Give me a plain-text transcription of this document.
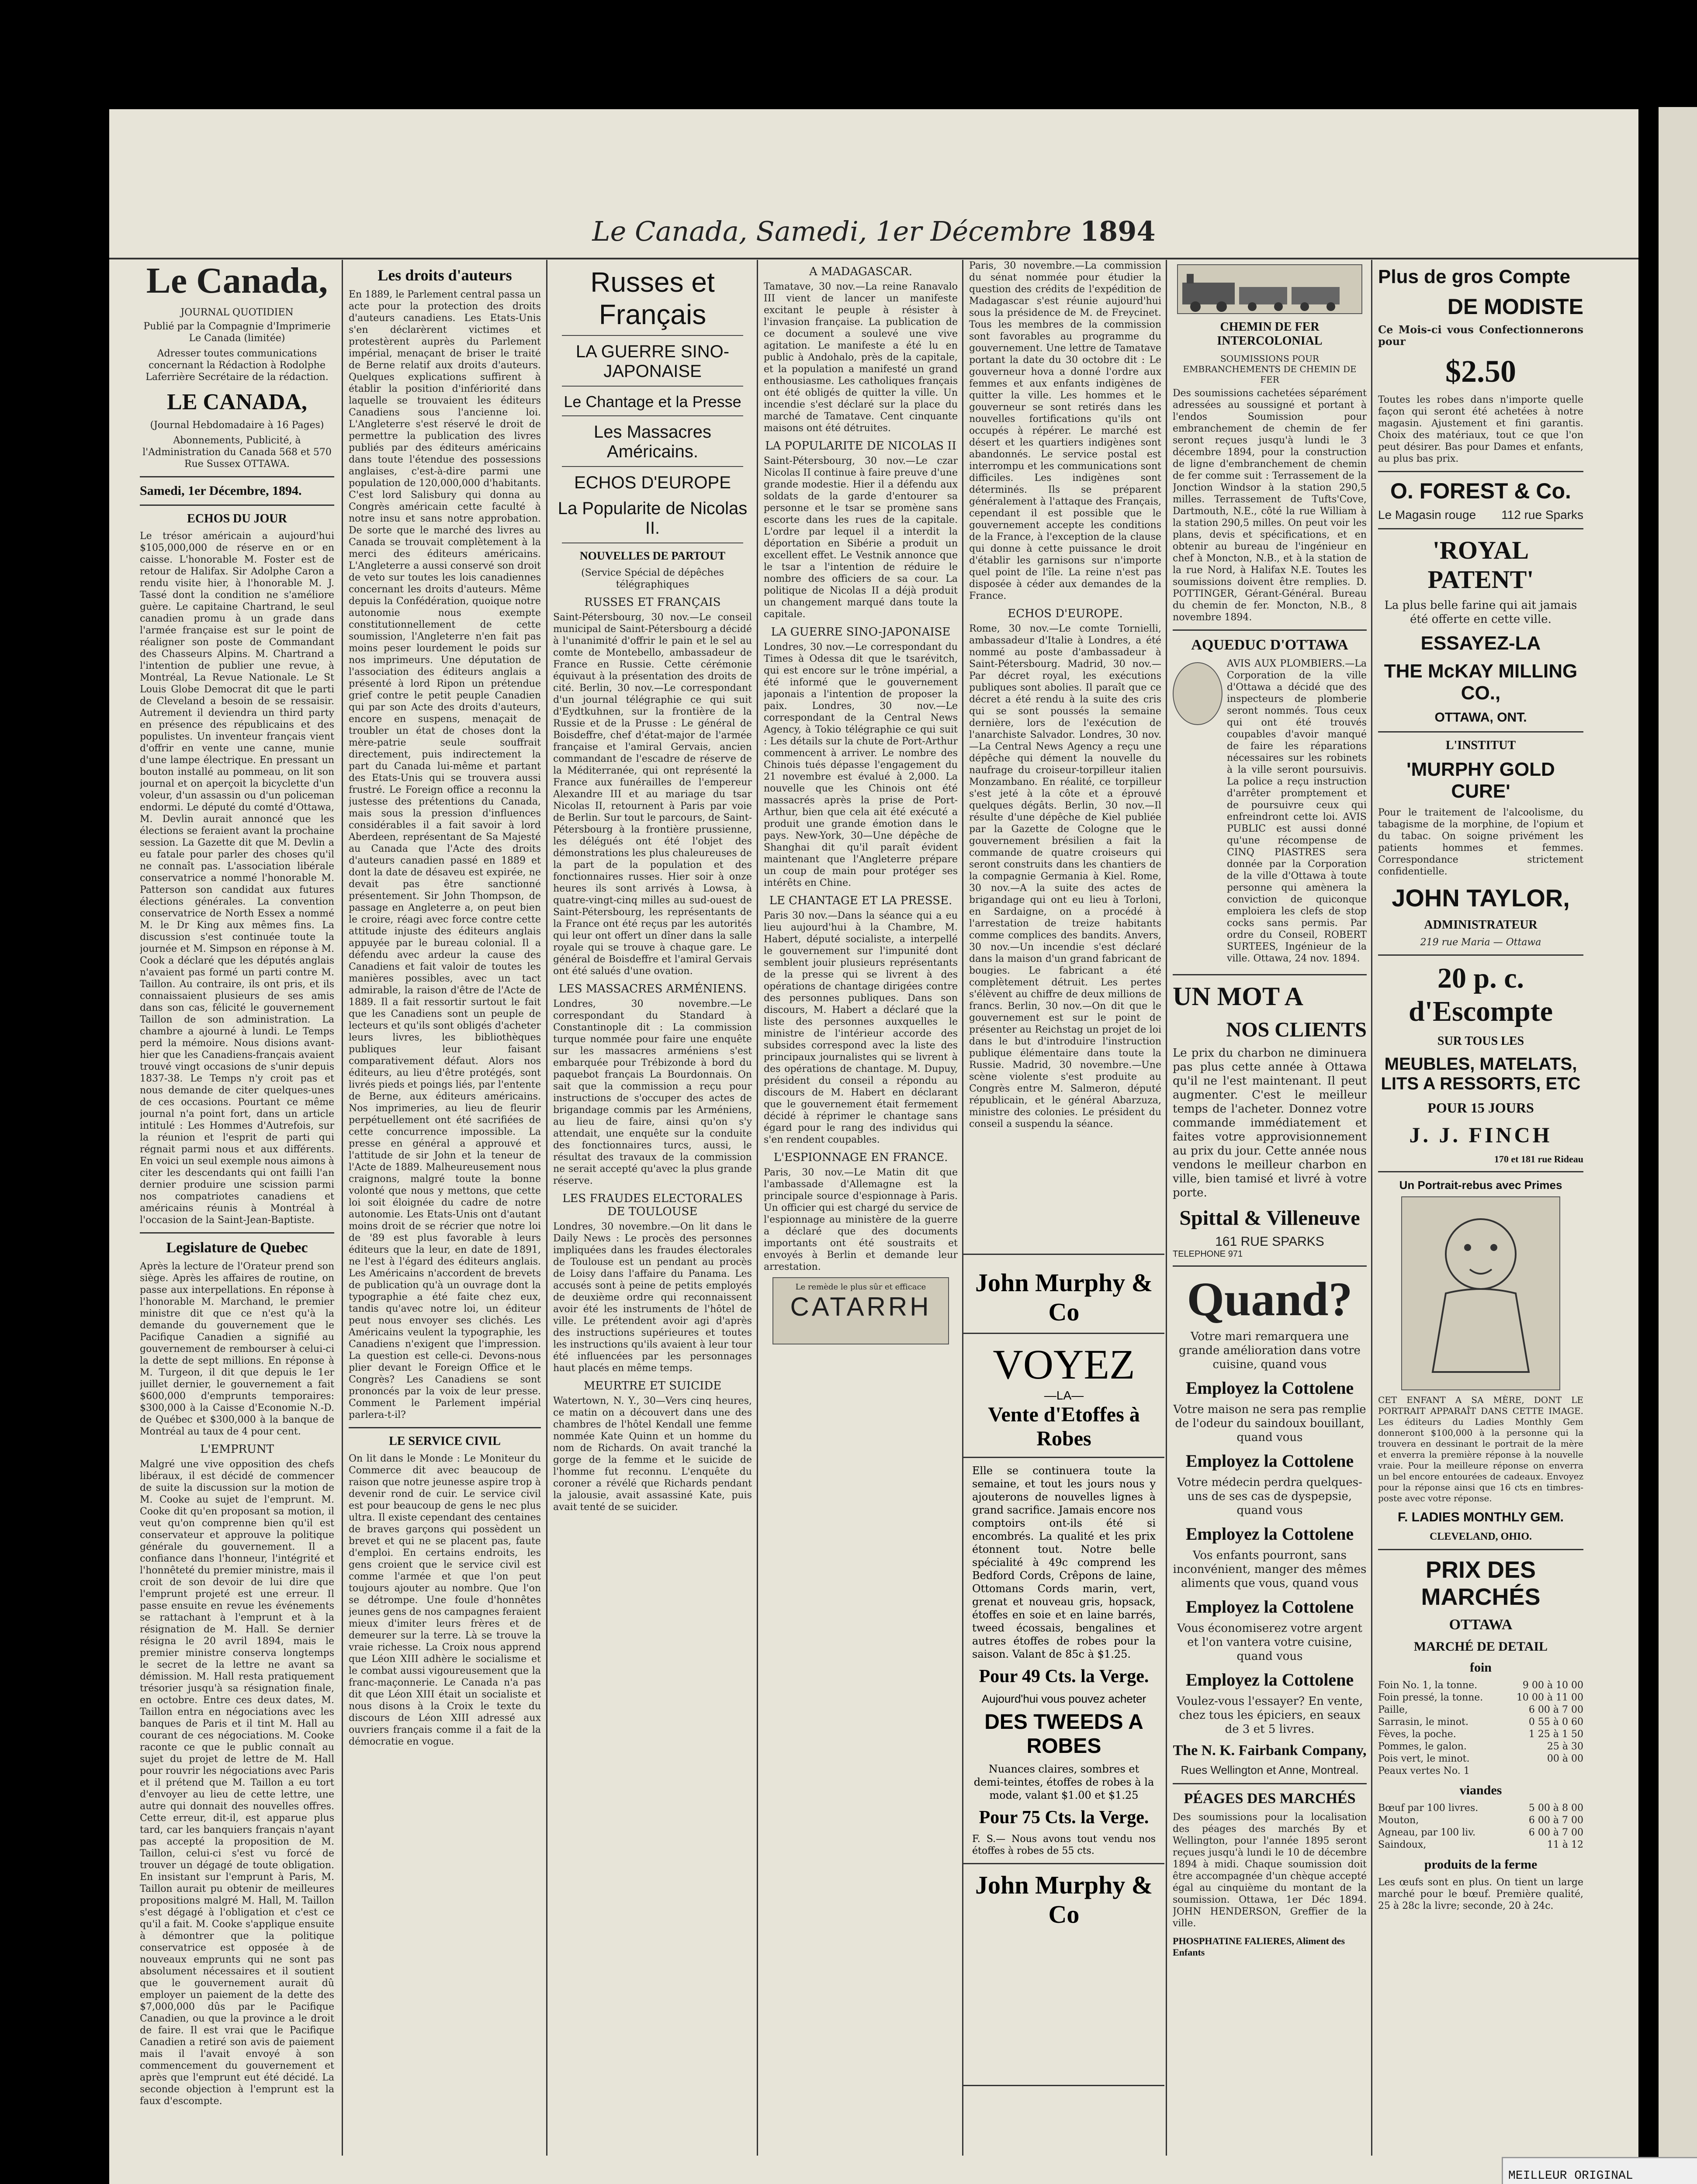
Le Canada, Samedi, 1er Décembre 1894
Le Canada,
JOURNAL QUOTIDIEN

Publié par la Compagnie d'Imprimerie Le Canada (limitée)

Adresser toutes communications concernant la Rédaction à Rodolphe Laferrière Secrétaire de la rédaction.

LE CANADA,

(Journal Hebdomadaire à 16 Pages)

Abonnements, Publicité, à l'Administration du Canada 568 et 570 Rue Sussex OTTAWA.

Samedi, 1er Décembre, 1894.
ECHOS DU JOUR

Le trésor américain a aujourd'hui $105,000,000 de réserve en or en caisse. L'honorable M. Foster est de retour de Halifax. Sir Adolphe Caron a rendu visite hier, à l'honorable M. J. Tassé dont la condition ne s'améliore guère. Le capitaine Chartrand, le seul canadien promu à un grade dans l'armée française est sur le point de réaligner son poste de Commandant des Chasseurs Alpins. M. Chartrand a l'intention de publier une revue, à Montréal, La Revue Nationale. Le St Louis Globe Democrat dit que le parti de Cleveland a besoin de se ressaisir. Autrement il deviendra un third party en présence des républicains et des populistes. Un inventeur français vient d'offrir en vente une canne, munie d'une lampe électrique. En pressant un bouton installé au pommeau, on lit son journal et on aperçoit la bicyclette d'un voleur, d'un assassin ou d'un policeman endormi. Le député du comté d'Ottawa, M. Devlin aurait annoncé que les élections se feraient avant la prochaine session. La Gazette dit que M. Devlin a eu fatale pour parler des choses qu'il ne connaît pas. L'association libérale conservatrice a nommé l'honorable M. Patterson son candidat aux futures élections générales. La convention conservatrice de North Essex a nommé M. le Dr King aux mêmes fins. La discussion s'est continuée toute la journée et M. Simpson en réponse à M. Cook a déclaré que les députés anglais n'avaient pas formé un parti contre M. Taillon. Au contraire, ils ont pris, et ils connaissaient plusieurs de ses amis dans son cas, félicité le gouvernement Taillon de son administration. La chambre a ajourné à lundi. Le Temps perd la mémoire. Nous disions avant-hier que les Canadiens-français avaient trouvé vingt occasions de s'unir depuis 1837-38. Le Temps n'y croit pas et nous demande de citer quelques-unes de ces occasions. Pourtant ce même journal n'a point fort, dans un article intitulé : Les Hommes d'Autrefois, sur la réunion et l'esprit de parti qui régnait parmi nous et aux différents. En voici un seul exemple nous aimons à citer les descendants qui ont failli l'an dernier produire une scission parmi nos compatriotes canadiens et américains réunis à Montréal à l'occasion de la Saint-Jean-Baptiste.

Legislature de Quebec

Après la lecture de l'Orateur prend son siège. Après les affaires de routine, on passe aux interpellations. En réponse à l'honorable M. Marchand, le premier ministre dit que ce n'est qu'à la demande du gouvernement que le Pacifique Canadien a signifié au gouvernement de rembourser à celui-ci la dette de sept millions. En réponse à M. Turgeon, il dit que depuis le 1er juillet dernier, le gouvernement a fait $600,000 d'emprunts temporaires: $300,000 à la Caisse d'Economie N.-D. de Québec et $300,000 à la banque de Montréal au taux de 4 pour cent.

L'EMPRUNT

Malgré une vive opposition des chefs libéraux, il est décidé de commencer de suite la discussion sur la motion de M. Cooke au sujet de l'emprunt. M. Cooke dit qu'en proposant sa motion, il veut qu'on comprenne bien qu'il est conservateur et approuve la politique générale du gouvernement. Il a confiance dans l'honneur, l'intégrité et l'honnêteté du premier ministre, mais il croit de son devoir de lui dire que l'emprunt projeté est une erreur. Il passe ensuite en revue les événements se rattachant à l'emprunt et à la résignation de M. Hall. Se dernier résigna le 20 avril 1894, mais le premier ministre conserva longtemps le secret de la lettre ne avant sa démission. M. Hall resta pratiquement trésorier jusqu'à sa résignation finale, en octobre. Entre ces deux dates, M. Taillon entra en négociations avec les banques de Paris et il tint M. Hall au courant de ces négociations. M. Cooke raconte ce que le public connaît au sujet du projet de lettre de M. Hall pour rouvrir les négociations avec Paris et il prétend que M. Taillon a eu tort d'envoyer au lieu de cette lettre, une autre qui donnait des nouvelles offres. Cette erreur, dit-il, est apparue plus tard, car les banquiers français n'ayant pas accepté la proposition de M. Taillon, celui-ci s'est vu forcé de trouver un dégagé de toute obligation. En insistant sur l'emprunt à Paris, M. Taillon aurait pu obtenir de meilleures propositions malgré M. Hall, M. Taillon s'est dégagé à l'obligation et c'est ce qu'il a fait. M. Cooke s'applique ensuite à démontrer que la politique conservatrice est opposée à de nouveaux emprunts qui ne sont pas absolument nécessaires et il soutient que le gouvernement aurait dû employer un paiement de la dette des $7,000,000 dûs par le Pacifique Canadien, ou que la province a le droit de faire. Il est vrai que le Pacifique Canadien a retiré son avis de paiement mais il l'avait envoyé à son commencement du gouvernement et après que l'emprunt eut été décidé. La seconde objection à l'emprunt est la faux d'escompte.

Les droits d'auteurs

En 1889, le Parlement central passa un acte pour la protection des droits d'auteurs canadiens. Les Etats-Unis s'en déclarèrent victimes et protestèrent auprès du Parlement impérial, menaçant de briser le traité de Berne relatif aux droits d'auteurs. Quelques explications suffirent à établir la position d'infériorité dans laquelle se trouvaient les éditeurs Canadiens sous l'ancienne loi. L'Angleterre s'est réservé le droit de permettre la publication des livres publiés par des éditeurs américains dans toute l'étendue des possessions anglaises, c'est-à-dire parmi une population de 120,000,000 d'habitants. C'est lord Salisbury qui donna au Congrès américain cette faculté à notre insu et sans notre approbation. De sorte que le marché des livres au Canada se trouvait complètement à la merci des éditeurs américains. L'Angleterre a aussi conservé son droit de veto sur toutes les lois canadiennes concernant les droits d'auteurs. Même depuis la Confédération, quoique notre autonomie nous exempte constitutionnellement de cette soumission, l'Angleterre n'en fait pas moins peser lourdement le poids sur nos imprimeurs. Une députation de l'association des éditeurs anglais a présenté à lord Ripon un prétendue grief contre le petit peuple Canadien qui par son Acte des droits d'auteurs, encore en suspens, menaçait de troubler un état de choses dont la mère-patrie seule souffrait directement, puis indirectement la part du Canada lui-même et partant des Etats-Unis qui se trouvera aussi frustré. Le Foreign office a reconnu la justesse des prétentions du Canada, mais sous la pression d'influences considérables il a fait savoir à lord Aberdeen, représentant de Sa Majesté au Canada que l'Acte des droits d'auteurs canadien passé en 1889 et dont la date de désaveu est expirée, ne devait pas être sanctionné présentement. Sir John Thompson, de passage en Angleterre a, on peut bien le croire, réagi avec force contre cette attitude injuste des éditeurs anglais appuyée par le bureau colonial. Il a défendu avec ardeur la cause des Canadiens et fait valoir de toutes les manières possibles, avec un tact admirable, la raison d'être de l'Acte de 1889. Il a fait ressortir surtout le fait que les Canadiens sont un peuple de lecteurs et qu'ils sont obligés d'acheter leurs livres, les bibliothèques publiques leur faisant comparativement défaut. Alors nos éditeurs, au lieu d'être protégés, sont livrés pieds et poings liés, par l'entente de Berne, aux éditeurs américains. Nos imprimeries, au lieu de fleurir perpétuellement ont été sacrifiées de cette concurrence impossible. La presse en général a approuvé et l'attitude de sir John et la teneur de l'Acte de 1889. Malheureusement nous craignons, malgré toute la bonne volonté que nous y mettons, que cette loi soit éloignée du cadre de notre autonomie. Les Etats-Unis ont d'autant moins droit de se récrier que notre loi de '89 est plus favorable à leurs éditeurs que la leur, en date de 1891, ne l'est à l'égard des éditeurs anglais. Les Américains n'accordent de brevets de publication qu'à un ouvrage dont la typographie a été faite chez eux, tandis qu'avec notre loi, un éditeur peut nous envoyer ses clichés. Les Américains veulent la typographie, les Canadiens n'exigent que l'impression. La question est celle-ci. Devons-nous plier devant le Foreign Office et le Congrès? Les Canadiens se sont prononcés par la voix de leur presse. Comment le Parlement impérial parlera-t-il?

LE SERVICE CIVIL

On lit dans le Monde : Le Moniteur du Commerce dit avec beaucoup de raison que notre jeunesse aspire trop à devenir rond de cuir. Le service civil est pour beaucoup de gens le nec plus ultra. Il existe cependant des centaines de braves garçons qui possèdent un brevet et qui ne se placent pas, faute d'emploi. En certains endroits, les gens croient que le service civil est comme l'armée et que l'on peut toujours ajouter au nombre. Que l'on se détrompe. Une foule d'honnêtes jeunes gens de nos campagnes feraient mieux d'imiter leurs frères et de demeurer sur la terre. Là se trouve la vraie richesse. La Croix nous apprend que Léon XIII adhère le socialisme et le combat aussi vigoureusement que la franc-maçonnerie. Le Canada n'a pas dit que Léon XIII était un socialiste et nous disons à la Croix le texte du discours de Léon XIII adressé aux ouvriers français comme il a fait de la démocratie en vogue.

Russes et Français
LA GUERRE SINO-JAPONAISE
Le Chantage et la Presse
Les Massacres Américains.
ECHOS D'EUROPE
La Popularite de Nicolas II.
NOUVELLES DE PARTOUT

(Service Spécial de dépêches télégraphiques

RUSSES ET FRANÇAIS

Saint-Pétersbourg, 30 nov.—Le conseil municipal de Saint-Pétersbourg a décidé à l'unanimité d'offrir le pain et le sel au comte de Montebello, ambassadeur de France en Russie. Cette cérémonie équivaut à la présentation des droits de cité. Berlin, 30 nov.—Le correspondant d'un journal télégraphie ce qui suit d'Eydtkuhnen, sur la frontière de la Russie et de la Prusse : Le général de Boisdeffre, chef d'état-major de l'armée française et l'amiral Gervais, ancien commandant de l'escadre de réserve de la Méditerranée, qui ont représenté la France aux funérailles de l'empereur Alexandre III et au mariage du tsar Nicolas II, retournent à Paris par voie de Berlin. Sur tout le parcours, de Saint-Pétersbourg à la frontière prussienne, les délégués ont été l'objet des démonstrations les plus chaleureuses de la part de la population et des fonctionnaires russes. Hier soir à onze heures ils sont arrivés à Lowsa, à quatre-vingt-cinq milles au sud-ouest de Saint-Pétersbourg, les représentants de la France ont été reçus par les autorités qui leur ont offert un dîner dans la salle royale qui se trouve à chaque gare. Le général de Boisdeffre et l'amiral Gervais ont été salués d'une ovation.

LES MASSACRES ARMÉNIENS.

Londres, 30 novembre.—Le correspondant du Standard à Constantinople dit : La commission turque nommée pour faire une enquête sur les massacres arméniens s'est embarquée pour Trébizonde à bord du paquebot français La Bourdonnais. On sait que la commission a reçu pour instructions de s'occuper des actes de brigandage commis par les Arméniens, au lieu de faire, ainsi qu'on s'y attendait, une enquête sur la conduite des fonctionnaires turcs, aussi, le résultat des travaux de la commission ne serait accepté qu'avec la plus grande réserve.

LES FRAUDES ELECTORALES DE TOULOUSE

Londres, 30 novembre.—On lit dans le Daily News : Le procès des personnes impliquées dans les fraudes électorales de Toulouse est un pendant au procès de Loisy dans l'affaire du Panama. Les accusés sont à peine de petits employés de deuxième ordre qui reconnaissent avoir été les instruments de l'hôtel de ville. Le prétendent avoir agi d'après des instructions supérieures et toutes les instructions qu'ils avaient à leur tour été influencées par les personnages haut placés en même temps.

MEURTRE ET SUICIDE

Watertown, N. Y., 30—Vers cinq heures, ce matin on a découvert dans une des chambres de l'hôtel Kendall une femme nommée Kate Quinn et un homme du nom de Richards. On avait tranché la gorge de la femme et le suicide de l'homme fut reconnu. L'enquête du coroner a révélé que Richards pendant la jalousie, avait assassiné Kate, puis avait tenté de se suicider.

A MADAGASCAR.

Tamatave, 30 nov.—La reine Ranavalo III vient de lancer un manifeste excitant le peuple à résister à l'invasion française. La publication de ce document a soulevé une vive agitation. Le manifeste a été lu en public à Andohalo, près de la capitale, et la population a manifesté un grand enthousiasme. Les catholiques français ont été obligés de quitter la ville. Un incendie s'est déclaré sur la place du marché de Tamatave. Cent cinquante maisons ont été détruites.

LA POPULARITE DE NICOLAS II

Saint-Pétersbourg, 30 nov.—Le czar Nicolas II continue à faire preuve d'une grande modestie. Hier il a défendu aux soldats de la garde d'entourer sa personne et le tsar se promène sans escorte dans les rues de la capitale. L'ordre par lequel il a interdit la déportation en Sibérie a produit un excellent effet. Le Vestnik annonce que le tsar a l'intention de réduire le nombre des officiers de sa cour. La politique de Nicolas II a déjà produit un changement marqué dans toute la capitale.

LA GUERRE SINO-JAPONAISE

Londres, 30 nov.—Le correspondant du Times à Odessa dit que le tsarévitch, qui est encore sur le trône impérial, a été informé que le gouvernement japonais a l'intention de proposer la paix. Londres, 30 nov.—Le correspondant de la Central News Agency, à Tokio télégraphie ce qui suit : Les détails sur la chute de Port-Arthur commencent à arriver. Le nombre des Chinois tués dépasse l'engagement du 21 novembre est évalué à 2,000. La nouvelle que les Chinois ont été massacrés après la prise de Port-Arthur, bien que cela ait été exécuté a produit une grande émotion dans le pays. New-York, 30—Une dépêche de Shanghai dit qu'il paraît évident maintenant que l'Angleterre prépare un coup de main pour protéger ses intérêts en Chine.

LE CHANTAGE ET LA PRESSE.

Paris 30 nov.—Dans la séance qui a eu lieu aujourd'hui à la Chambre, M. Habert, député socialiste, a interpellé le gouvernement sur l'impunité dont semblent jouir plusieurs représentants de la presse qui se livrent à des opérations de chantage dirigées contre des personnes publiques. Dans son discours, M. Habert a déclaré que la liste des personnes auxquelles le ministre de l'intérieur accorde des subsides correspond avec la liste des principaux journalistes qui se livrent à des opérations de chantage. M. Dupuy, président du conseil a répondu au discours de M. Habert en déclarant que le gouvernement était fermement décidé à réprimer le chantage sans égard pour le rang des individus qui s'en rendent coupables.

L'ESPIONNAGE EN FRANCE.

Paris, 30 nov.—Le Matin dit que l'ambassade d'Allemagne est la principale source d'espionnage à Paris. Un officier qui est chargé du service de l'espionnage au ministère de la guerre a déclaré que des documents importants ont été soustraits et envoyés à Berlin et demande leur arrestation.

Le remède le plus sûr et efficace
CATARRH

Paris, 30 novembre.—La commission du sénat nommée pour étudier la question des crédits de l'expédition de Madagascar s'est réunie aujourd'hui sous la présidence de M. de Freycinet. Tous les membres de la commission sont favorables au programme du gouvernement. Une lettre de Tamatave portant la date du 30 octobre dit : Le gouverneur hova a donné l'ordre aux femmes et aux enfants indigènes de quitter la ville. Les hommes et le gouverneur se sont retirés dans les nouvelles fortifications qu'ils ont occupés à répérer. Le marché est désert et les quartiers indigènes sont abandonnés. Le service postal est interrompu et les communications sont difficiles. Les indigènes sont déterminés. Ils se préparent généralement à l'attaque des Français, cependant il est possible que le gouvernement accepte les conditions de la France, à l'exception de la clause qui donne à cette puissance le droit d'établir les garnisons sur n'importe quel point de l'île. La reine n'est pas disposée à céder aux demandes de la France.

ECHOS D'EUROPE.

Rome, 30 nov.—Le comte Tornielli, ambassadeur d'Italie à Londres, a été nommé au poste d'ambassadeur à Saint-Pétersbourg. Madrid, 30 nov.—Par décret royal, les exécutions publiques sont abolies. Il paraît que ce décret a été rendu à la suite des cris qui se sont poussés la semaine dernière, lors de l'exécution de l'anarchiste Salvador. Londres, 30 nov.—La Central News Agency a reçu une dépêche qui dément la nouvelle du naufrage du croiseur-torpilleur italien Monzambano. En réalité, ce torpilleur s'est jeté à la côte et a éprouvé quelques dégâts. Berlin, 30 nov.—Il résulte d'une dépêche de Kiel publiée par la Gazette de Cologne que le gouvernement brésilien a fait la commande de quatre croiseurs qui seront construits dans les chantiers de la compagnie Germania à Kiel. Rome, 30 nov.—A la suite des actes de brigandage qui ont eu lieu à Torloni, en Sardaigne, on a procédé à l'arrestation de treize habitants comme complices des bandits. Anvers, 30 nov.—Un incendie s'est déclaré dans la maison d'un grand fabricant de bougies. Le fabricant a été complètement détruit. Les pertes s'élèvent au chiffre de deux millions de francs. Berlin, 30 nov.—On dit que le gouvernement est sur le point de présenter au Reichstag un projet de loi dans le but d'introduire l'instruction publique élémentaire dans toute la Russie. Madrid, 30 novembre.—Une scène violente s'est produite au Congrès entre M. Salmeron, député républicain, et le général Abarzuza, ministre des colonies. Le président du conseil a suspendu la séance.

John Murphy & Co
VOYEZ
—LA—
Vente d'Etoffes à Robes

Elle se continuera toute la semaine, et tout les jours nous y ajouterons de nouvelles lignes à grand sacrifice. Jamais encore nos comptoirs ont-ils été si encombrés. La qualité et les prix étonnent tout. Notre belle spécialité à 49c comprend les Bedford Cords, Crêpons de laine, Ottomans Cords marin, vert, grenat et nouveau gris, hopsack, étoffes en soie et en laine barrés, tweed écossais, bengalines et autres étoffes de robes pour la saison. Valant de 85c à $1.25.

Pour 49 Cts. la Verge.
Aujourd'hui vous pouvez acheter
DES TWEEDS A ROBES

Nuances claires, sombres et demi-teintes, étoffes de robes à la mode, valant $1.00 et $1.25

Pour 75 Cts. la Verge.

F. S.— Nous avons tout vendu nos étoffes à robes de 55 cts.

John Murphy & Co
CHEMIN DE FER INTERCOLONIAL
SOUMISSIONS POUR EMBRANCHEMENTS DE CHEMIN DE FER

Des soumissions cachetées séparément adressées au soussigné et portant à l'endos Soumission pour embranchement de chemin de fer seront reçues jusqu'à lundi le 3 décembre 1894, pour la construction de ligne d'embranchement de chemin de fer comme suit : Terrassement de la Jonction Windsor à la station 290,5 milles. Terrassement de Tufts'Cove, Dartmouth, N.E., côté la rue William à la station 290,5 milles. On peut voir les plans, devis et spécifications, et en obtenir au bureau de l'ingénieur en chef à Moncton, N.B., et à la station de la rue Nord, à Halifax N.E. Toutes les soumissions doivent être remplies. D. POTTINGER, Gérant-Général. Bureau du chemin de fer. Moncton, N.B., 8 novembre 1894.

AQUEDUC D'OTTAWA

AVIS AUX PLOMBIERS.—La Corporation de la ville d'Ottawa a décidé que des inspecteurs de plomberie seront nommés. Tous ceux qui ont été trouvés coupables d'avoir manqué de faire les réparations nécessaires sur les robinets à la ville seront poursuivis. La police a reçu instruction d'arrêter promptement et de poursuivre ceux qui enfreindront cette loi. AVIS PUBLIC est aussi donné qu'une récompense de CINQ PIASTRES sera donnée par la Corporation de la ville d'Ottawa à toute personne qui amènera la conviction de quiconque emploiera les clefs de stop cocks sans permis. Par ordre du Conseil, ROBERT SURTEES, Ingénieur de la ville. Ottawa, 24 nov. 1894.

UN MOT A
NOS CLIENTS

Le prix du charbon ne diminuera pas plus cette année à Ottawa qu'il ne l'est maintenant. Il peut augmenter. C'est le meilleur temps de l'acheter. Donnez votre commande immédiatement et faites votre approvisionnement au prix du jour. Cette année nous vendons le meilleur charbon en ville, bien tamisé et livré à votre porte.

Spittal & Villeneuve
161 RUE SPARKS
TELEPHONE 971
Quand?

Votre mari remarquera une grande amélioration dans votre cuisine, quand vous

Employez la Cottolene

Votre maison ne sera pas remplie de l'odeur du saindoux bouillant, quand vous

Employez la Cottolene

Votre médecin perdra quelques-uns de ses cas de dyspepsie, quand vous

Employez la Cottolene

Vos enfants pourront, sans inconvénient, manger des mêmes aliments que vous, quand vous

Employez la Cottolene

Vous économiserez votre argent et l'on vantera votre cuisine, quand vous

Employez la Cottolene

Voulez-vous l'essayer? En vente, chez tous les épiciers, en seaux de 3 et 5 livres.

The N. K. Fairbank Company,
Rues Wellington et Anne, Montreal.
PÉAGES DES MARCHÉS

Des soumissions pour la localisation des péages des marchés By et Wellington, pour l'année 1895 seront reçues jusqu'à lundi le 10 de décembre 1894 à midi. Chaque soumission doit être accompagnée d'un chèque accepté égal au cinquième du montant de la soumission. Ottawa, 1er Déc 1894. JOHN HENDERSON, Greffier de la ville.

PHOSPHATINE FALIERES, Aliment des Enfants
Plus de gros Compte
DE MODISTE

Ce Mois-ci vous Confectionnerons pour

$2.50

Toutes les robes dans n'importe quelle façon qui seront été achetées à notre magasin. Ajustement et fini garantis. Choix des matériaux, tout ce que l'on peut désirer. Bas pour Dames et enfants, au plus bas prix.

O. FOREST & Co.
Le Magasin rouge 112 rue Sparks
'ROYAL PATENT'

La plus belle farine qui ait jamais été offerte en cette ville.

ESSAYEZ-LA
THE McKAY MILLING CO.,
OTTAWA, ONT.
L'INSTITUT
'MURPHY GOLD CURE'

Pour le traitement de l'alcoolisme, du tabagisme de la morphine, de l'opium et du tabac. On soigne privément les patients hommes et femmes. Correspondance strictement confidentielle.

JOHN TAYLOR,
ADMINISTRATEUR

219 rue Maria — Ottawa

20 p. c. d'Escompte
SUR TOUS LES
MEUBLES, MATELATS, LITS A RESSORTS, ETC
POUR 15 JOURS
J. J. FINCH
170 et 181 rue Rideau
Un Portrait-rebus avec Primes

CET ENFANT A SA MÈRE, DONT LE PORTRAIT APPARAÎT DANS CETTE IMAGE. Les éditeurs du Ladies Monthly Gem donneront $100,000 à la personne qui la trouvera en dessinant le portrait de la mère et enverra la première réponse à la nouvelle vraie. Pour la meilleure réponse on enverra un bel encore entourées de cadeaux. Envoyez pour la réponse ainsi que 16 cts en timbres-poste avec votre réponse.

F. LADIES MONTHLY GEM.
CLEVELAND, OHIO.
PRIX DES MARCHÉS
OTTAWA
MARCHÉ DE DETAIL
foin
Foin No. 1, la tonne.	9 00 à 10 00
Foin pressé, la tonne.	10 00 à 11 00
Paille,	6 00 à 7 00
Sarrasin, le minot.	0 55 à 0 60
Fèves, la poche.	1 25 à 1 50
Pommes, le galon.	25 à 30
Pois vert, le minot.	00 à 00
Peaux vertes No. 1
viandes
Bœuf par 100 livres.	5 00 à 8 00
Mouton,	6 00 à 7 00
Agneau, par 100 liv.	6 00 à 7 00
Saindoux,	11 à 12
produits de la ferme

Les œufs sont en plus. On tient un large marché pour le bœuf. Première qualité, 25 à 28c la livre; seconde, 20 à 24c.

MEILLEUR ORIGINAL
